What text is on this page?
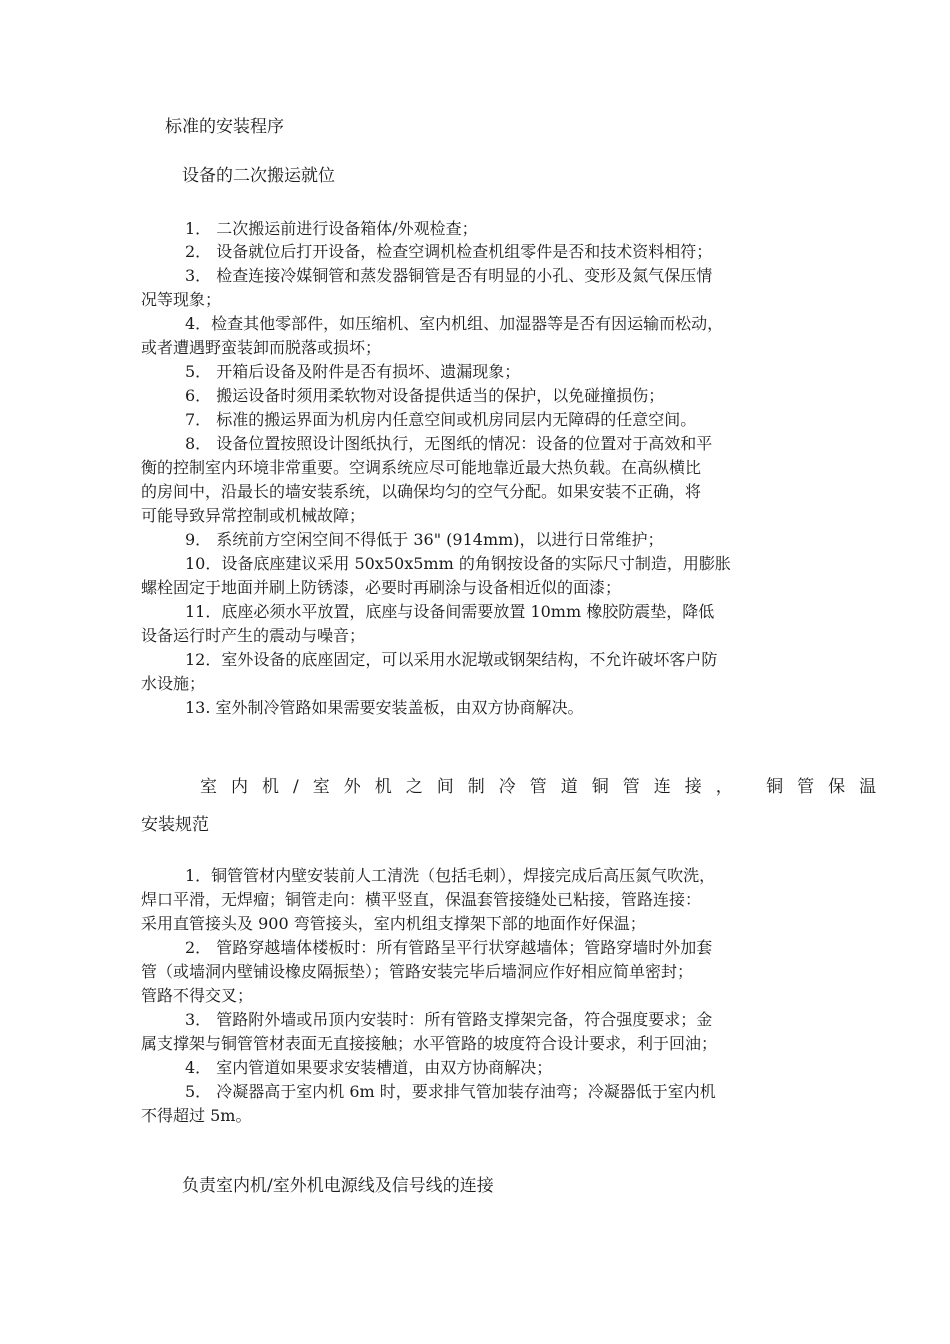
标准的安装程序
设备的二次搬运就位
1． 二次搬运前进行设备箱体/外观检查；
2． 设备就位后打开设备，检查空调机检查机组零件是否和技术资料相符；
3． 检查连接冷媒铜管和蒸发器铜管是否有明显的小孔、变形及氮气保压情
况等现象；
4．检查其他零部件，如压缩机、室内机组、加湿器等是否有因运输而松动，
或者遭遇野蛮装卸而脱落或损坏；
5． 开箱后设备及附件是否有损坏、遗漏现象；
6． 搬运设备时须用柔软物对设备提供适当的保护，以免碰撞损伤；
7． 标准的搬运界面为机房内任意空间或机房同层内无障碍的任意空间。
8． 设备位置按照设计图纸执行，无图纸的情况：设备的位置对于高效和平
衡的控制室内环境非常重要。空调系统应尽可能地靠近最大热负载。在高纵横比
的房间中，沿最长的墙安装系统，以确保均匀的空气分配。如果安装不正确，将
可能导致异常控制或机械故障；
9． 系统前方空闲空间不得低于 36" (914mm)，以进行日常维护；
10．设备底座建议采用 50x50x5mm 的角钢按设备的实际尺寸制造，用膨胀
螺栓固定于地面并刷上防锈漆，必要时再刷涂与设备相近似的面漆；
11．底座必须水平放置，底座与设备间需要放置 10mm 橡胶防震垫，降低
设备运行时产生的震动与噪音；
12．室外设备的底座固定，可以采用水泥墩或钢架结构，不允许破坏客户防
水设施；
13. 室外制冷管路如果需要安装盖板，由双方协商解决。
室内机/室外机之间制冷管道铜管连接， 铜管保温
安装规范
1．铜管管材内壁安装前人工清洗（包括毛刺），焊接完成后高压氮气吹洗，
焊口平滑，无焊瘤；铜管走向：横平竖直，保温套管接缝处已粘接，管路连接：
采用直管接头及 900 弯管接头，室内机组支撑架下部的地面作好保温；
2． 管路穿越墙体楼板时：所有管路呈平行状穿越墙体；管路穿墙时外加套
管（或墙洞内壁铺设橡皮隔振垫）；管路安装完毕后墙洞应作好相应简单密封；
管路不得交叉；
3． 管路附外墙或吊顶内安装时：所有管路支撑架完备，符合强度要求；金
属支撑架与铜管管材表面无直接接触；水平管路的坡度符合设计要求，利于回油；
4． 室内管道如果要求安装槽道，由双方协商解决；
5． 冷凝器高于室内机 6m 时，要求排气管加装存油弯；冷凝器低于室内机
不得超过 5m。
负责室内机/室外机电源线及信号线的连接
